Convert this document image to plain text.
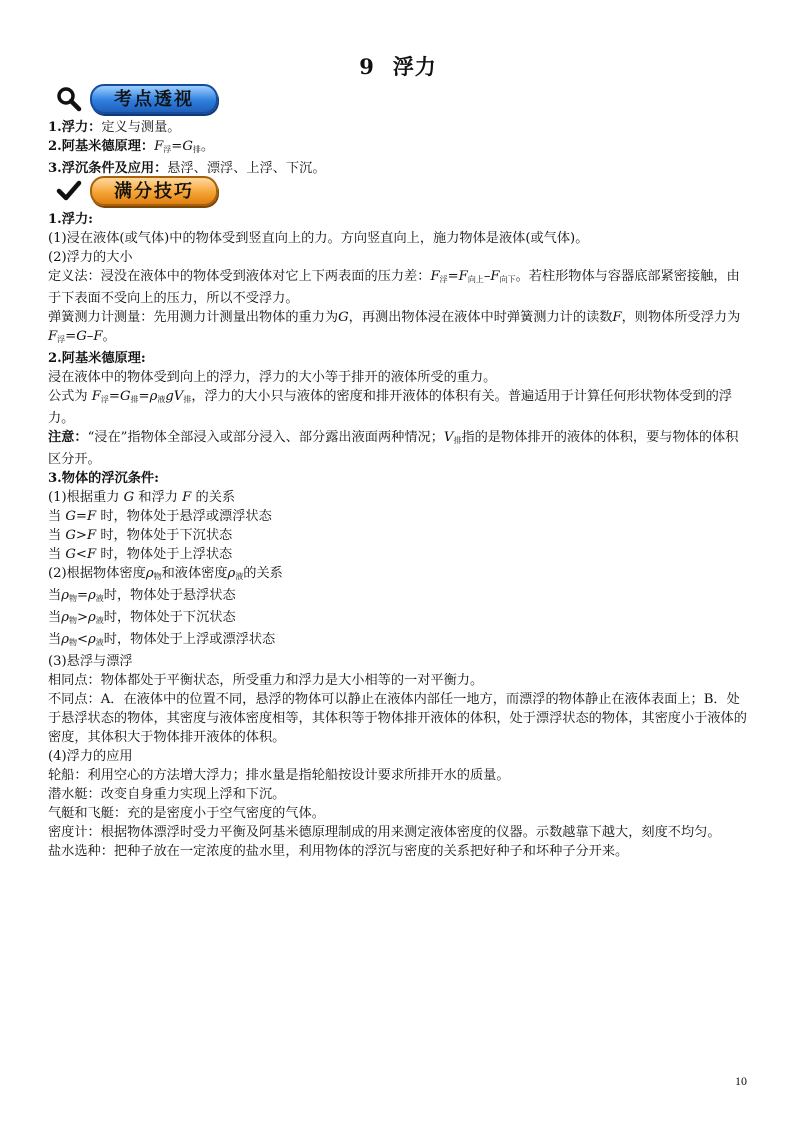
9 浮力
考点透视

1.浮力：定义与测量。

2.阿基米德原理：$F_浮=G_排$。

3.浮沉条件及应用：悬浮、漂浮、上浮、下沉。

满分技巧

1.浮力:

(1)浸在液体(或气体)中的物体受到竖直向上的力。方向竖直向上，施力物体是液体(或气体)。

(2)浮力的大小

定义法：浸没在液体中的物体受到液体对它上下两表面的压力差：$F_浮=F_{向上}-F_{向下}$。若柱形物体与容器底部紧密接触，由于下表面不受向上的压力，所以不受浮力。

弹簧测力计测量：先用测力计测量出物体的重力为G，再测出物体浸在液体中时弹簧测力计的读数F，则物体所受浮力为 $F_浮=G-F$。

2.阿基米德原理:

浸在液体中的物体受到向上的浮力，浮力的大小等于排开的液体所受的重力。

公式为 $F_浮=G_排=\rho_液gV_排$，浮力的大小只与液体的密度和排开液体的体积有关。普遍适用于计算任何形状物体受到的浮力。

注意：“浸在”指物体全部浸入或部分浸入、部分露出液面两种情况；$V_排$指的是物体排开的液体的体积，要与物体的体积区分开。

3.物体的浮沉条件:

(1)根据重力 G 和浮力 F 的关系

当 G=F 时，物体处于悬浮或漂浮状态

当 G>F 时，物体处于下沉状态

当 G<F 时，物体处于上浮状态

(2)根据物体密度$\rho_物$和液体密度$\rho_液$的关系

当$\rho_物=\rho_液$时，物体处于悬浮状态

当$\rho_物>\rho_液$时，物体处于下沉状态

当$\rho_物<\rho_液$时，物体处于上浮或漂浮状态

(3)悬浮与漂浮

相同点：物体都处于平衡状态，所受重力和浮力是大小相等的一对平衡力。

不同点：A．在液体中的位置不同，悬浮的物体可以静止在液体内部任一地方，而漂浮的物体静止在液体表面上；B．处于悬浮状态的物体，其密度与液体密度相等，其体积等于物体排开液体的体积，处于漂浮状态的物体，其密度小于液体的密度，其体积大于物体排开液体的体积。

(4)浮力的应用

轮船：利用空心的方法增大浮力；排水量是指轮船按设计要求所排开水的质量。

潜水艇：改变自身重力实现上浮和下沉。

气艇和飞艇：充的是密度小于空气密度的气体。

密度计：根据物体漂浮时受力平衡及阿基米德原理制成的用来测定液体密度的仪器。示数越靠下越大，刻度不均匀。

盐水选种：把种子放在一定浓度的盐水里，利用物体的浮沉与密度的关系把好种子和坏种子分开来。

10
